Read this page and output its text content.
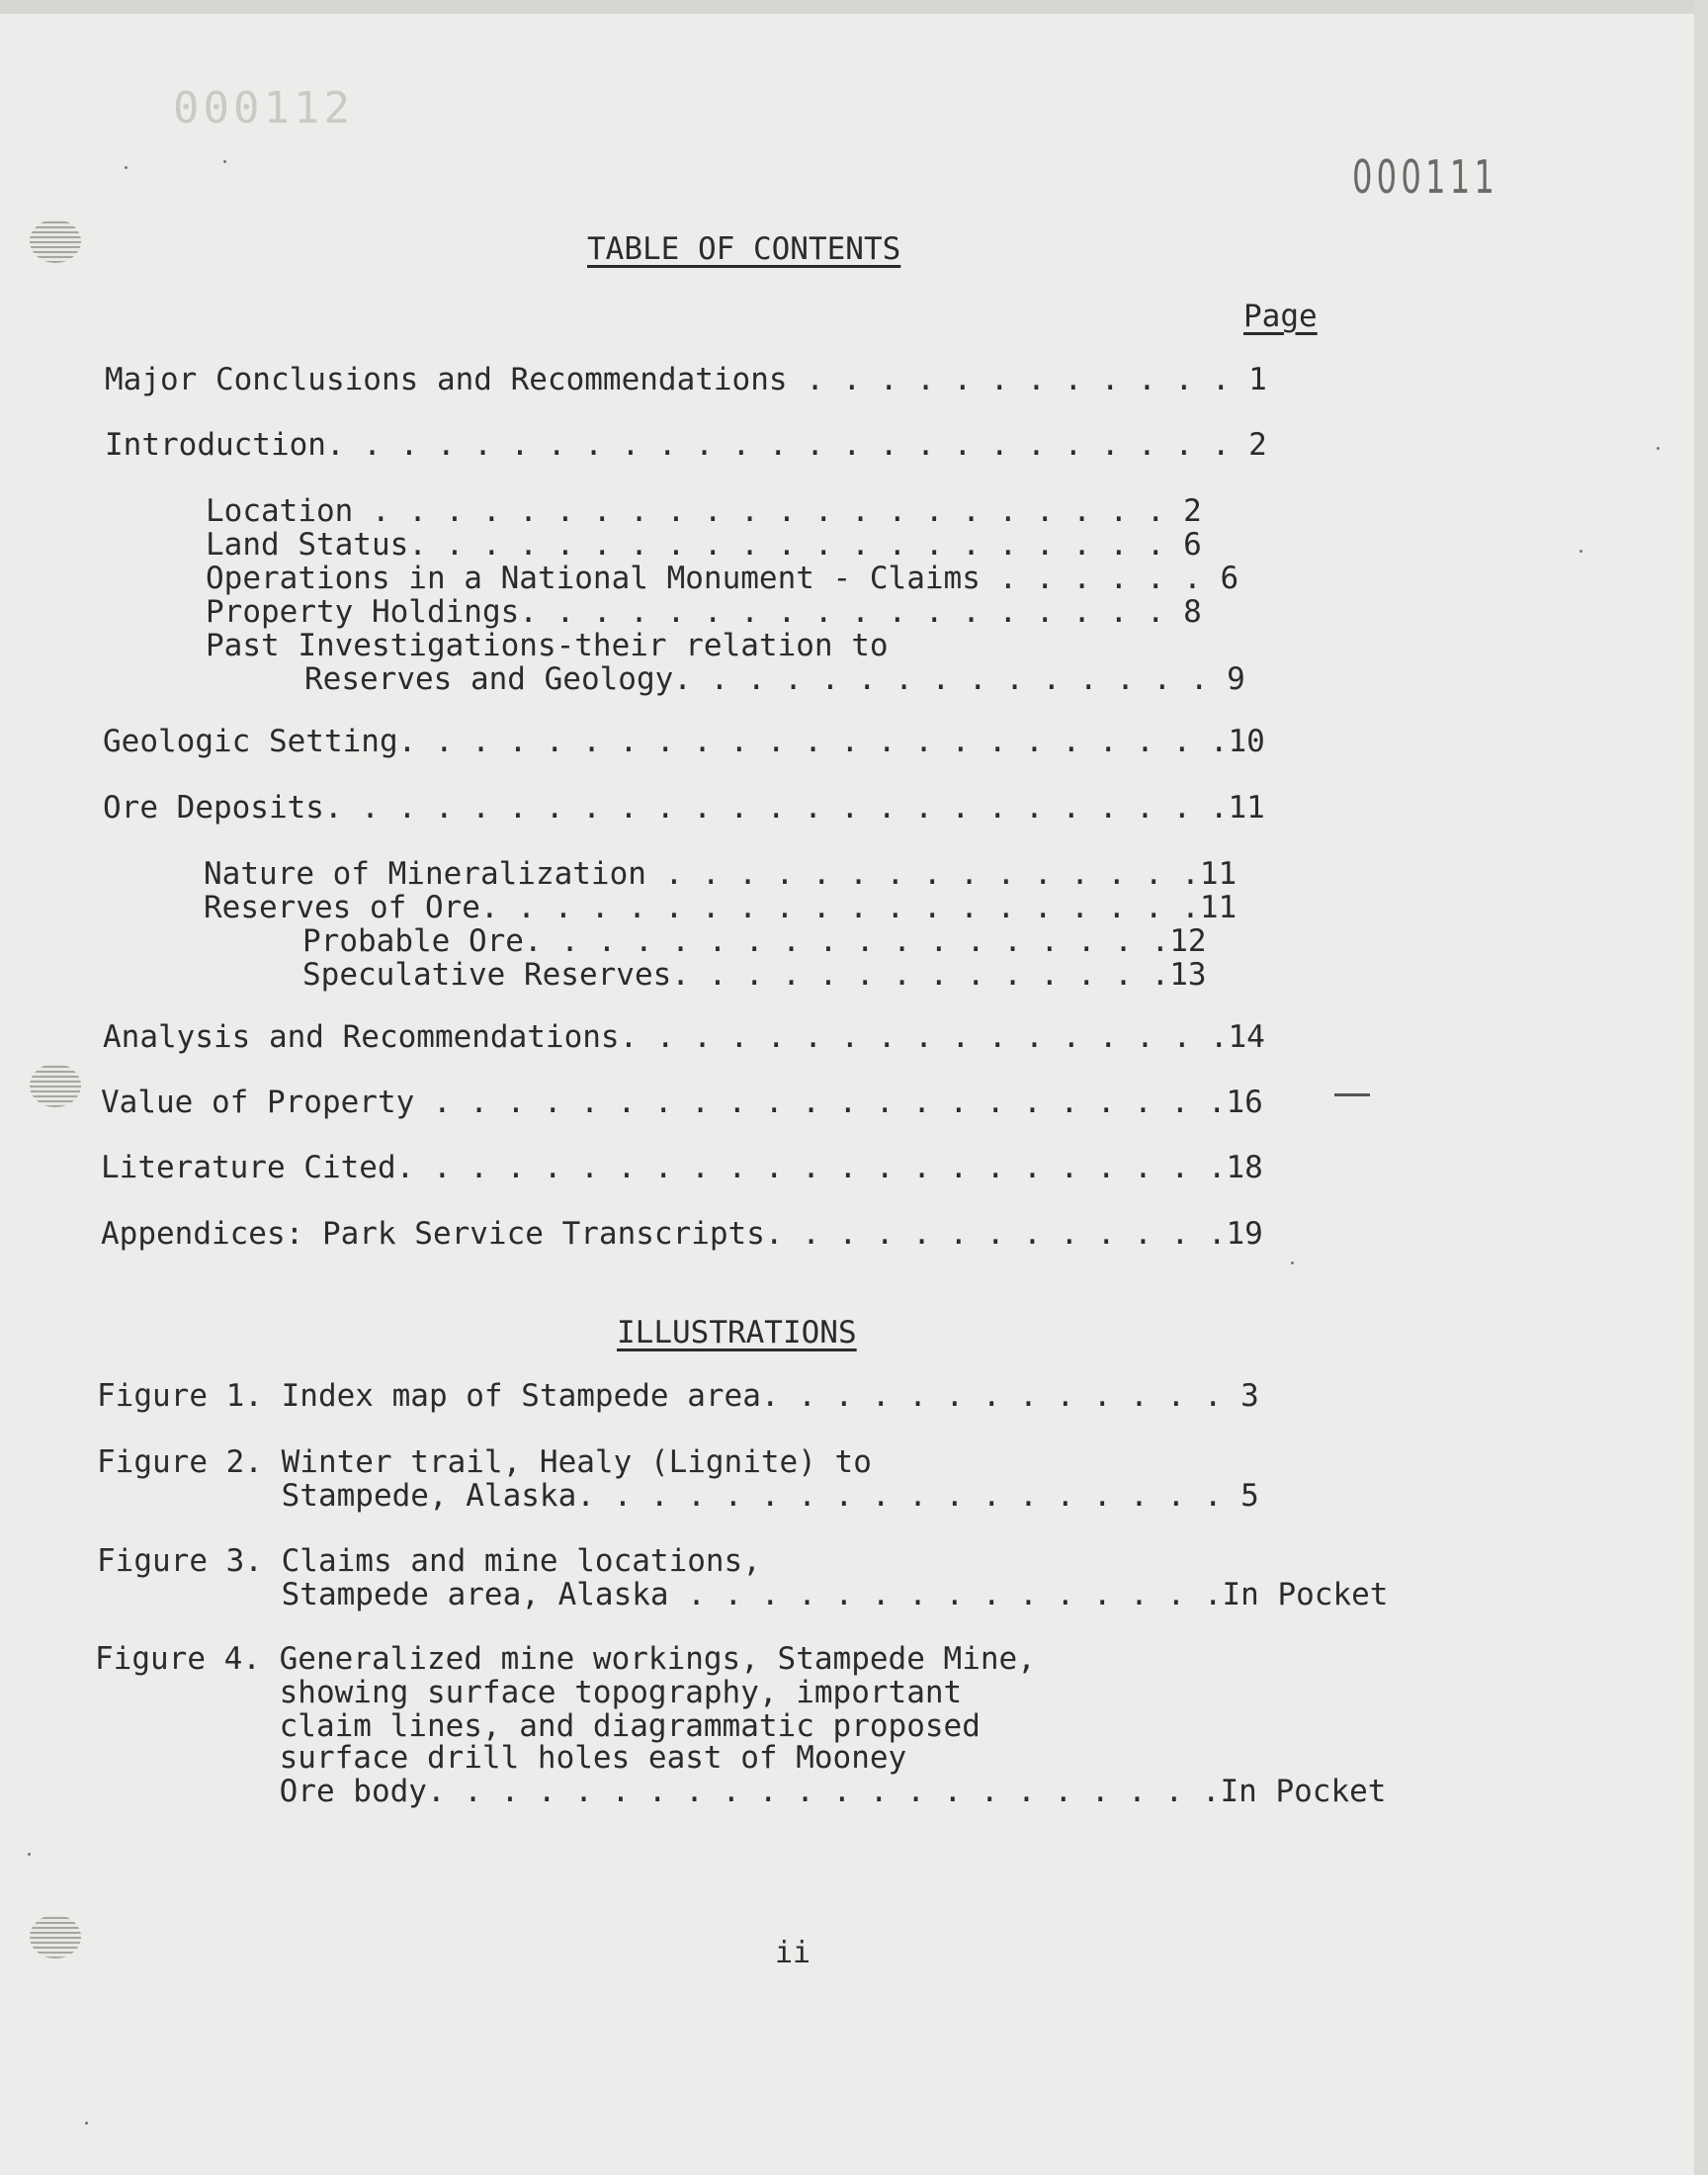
000112
000111
TABLE OF CONTENTS
Page
Major Conclusions and Recommendations . . . . . . . . . . . . 1
Introduction. . . . . . . . . . . . . . . . . . . . . . . . . 2
Location . . . . . . . . . . . . . . . . . . . . . . 2
Land Status. . . . . . . . . . . . . . . . . . . . . 6
Operations in a National Monument - Claims . . . . . . 6
Property Holdings. . . . . . . . . . . . . . . . . . 8
Past Investigations-their relation to
Reserves and Geology. . . . . . . . . . . . . . . 9
Geologic Setting. . . . . . . . . . . . . . . . . . . . . . .10
Ore Deposits. . . . . . . . . . . . . . . . . . . . . . . . .11
Nature of Mineralization . . . . . . . . . . . . . . .11
Reserves of Ore. . . . . . . . . . . . . . . . . . . .11
Probable Ore. . . . . . . . . . . . . . . . . .12
Speculative Reserves. . . . . . . . . . . . . .13
Analysis and Recommendations. . . . . . . . . . . . . . . . .14
Value of Property . . . . . . . . . . . . . . . . . . . . . .16
Literature Cited. . . . . . . . . . . . . . . . . . . . . . .18
Appendices: Park Service Transcripts. . . . . . . . . . . . .19
ILLUSTRATIONS
Figure 1. Index map of Stampede area. . . . . . . . . . . . . 3
Figure 2. Winter trail, Healy (Lignite) to
Stampede, Alaska. . . . . . . . . . . . . . . . . . 5
Figure 3. Claims and mine locations,
Stampede area, Alaska . . . . . . . . . . . . . . .In Pocket
Figure 4. Generalized mine workings, Stampede Mine,
showing surface topography, important
claim lines, and diagrammatic proposed
surface drill holes east of Mooney
Ore body. . . . . . . . . . . . . . . . . . . . . .In Pocket
ii
